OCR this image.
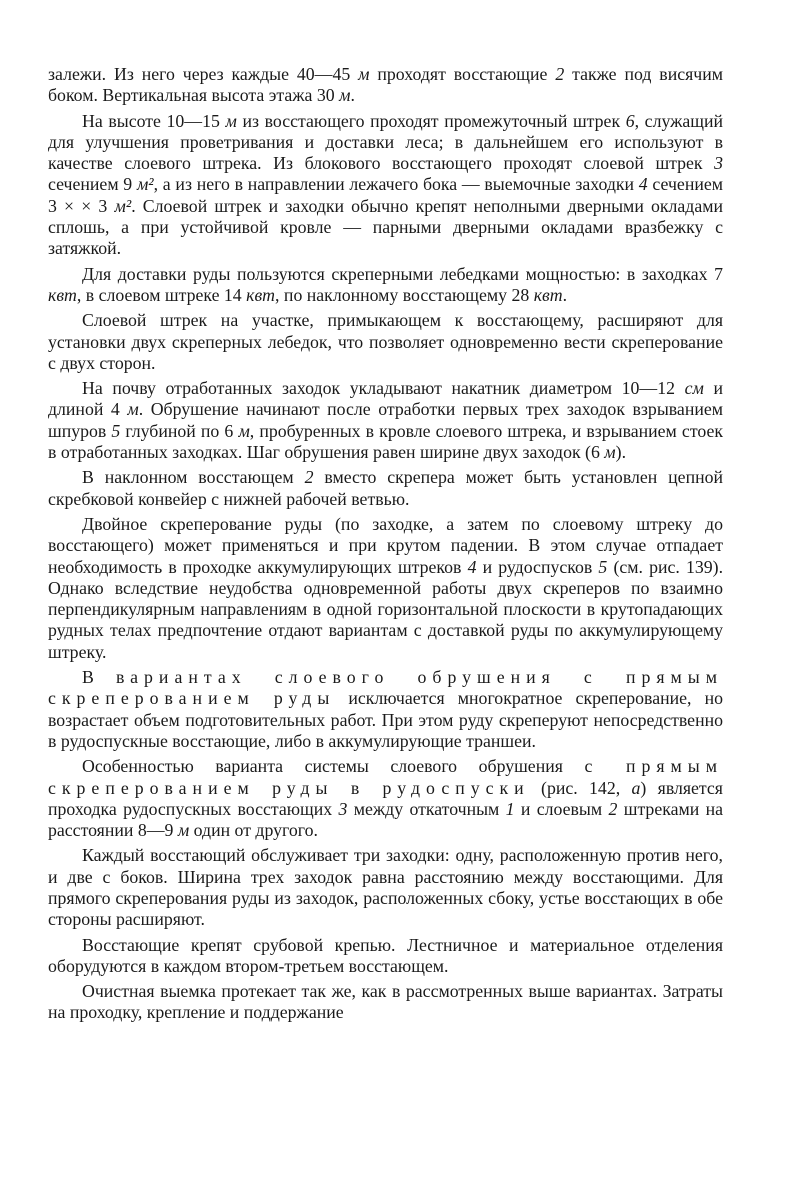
залежи. Из него через каждые 40—45 м проходят восстающие 2 также под висячим боком. Вертикальная высота этажа 30 м.

На высоте 10—15 м из восстающего проходят промежуточный штрек 6, служащий для улучшения проветривания и доставки леса; в дальнейшем его используют в качестве слоевого штрека. Из блокового восстающего проходят слоевой штрек 3 сечением 9 м², а из него в направлении лежачего бока — выемочные заходки 4 сечением 3 × × 3 м². Слоевой штрек и заходки обычно крепят неполными дверными окладами сплошь, а при устойчивой кровле — парными дверными окладами вразбежку с затяжкой.

Для доставки руды пользуются скреперными лебедками мощностью: в заходках 7 квт, в слоевом штреке 14 квт, по наклонному восстающему 28 квт.

Слоевой штрек на участке, примыкающем к восстающему, расширяют для установки двух скреперных лебедок, что позволяет одновременно вести скреперование с двух сторон.

На почву отработанных заходок укладывают накатник диаметром 10—12 см и длиной 4 м. Обрушение начинают после отработки первых трех заходок взрыванием шпуров 5 глубиной по 6 м, пробуренных в кровле слоевого штрека, и взрыванием стоек в отработанных заходках. Шаг обрушения равен ширине двух заходок (6 м).

В наклонном восстающем 2 вместо скрепера может быть установлен цепной скребковой конвейер с нижней рабочей ветвью.

Двойное скреперование руды (по заходке, а затем по слоевому штреку до восстающего) может применяться и при крутом падении. В этом случае отпадает необходимость в проходке аккумулирующих штреков 4 и рудоспусков 5 (см. рис. 139). Однако вследствие неудобства одновременной работы двух скреперов по взаимно перпендикулярным направлениям в одной горизонтальной плоскости в крутопадающих рудных телах предпочтение отдают вариантам с доставкой руды по аккумулирующему штреку.

В вариантах слоевого обрушения с прямым скреперованием руды исключается многократное скреперование, но возрастает объем подготовительных работ. При этом руду скреперуют непосредственно в рудоспускные восстающие, либо в аккумулирующие траншеи.

Особенностью варианта системы слоевого обрушения с прямым скреперованием руды в рудоспуски (рис. 142, а) является проходка рудоспускных восстающих 3 между откаточным 1 и слоевым 2 штреками на расстоянии 8—9 м один от другого.

Каждый восстающий обслуживает три заходки: одну, расположенную против него, и две с боков. Ширина трех заходок равна расстоянию между восстающими. Для прямого скреперования руды из заходок, расположенных сбоку, устье восстающих в обе стороны расширяют.

Восстающие крепят срубовой крепью. Лестничное и материальное отделения оборудуются в каждом втором-третьем восстающем.

Очистная выемка протекает так же, как в рассмотренных выше вариантах. Затраты на проходку, крепление и поддержание
